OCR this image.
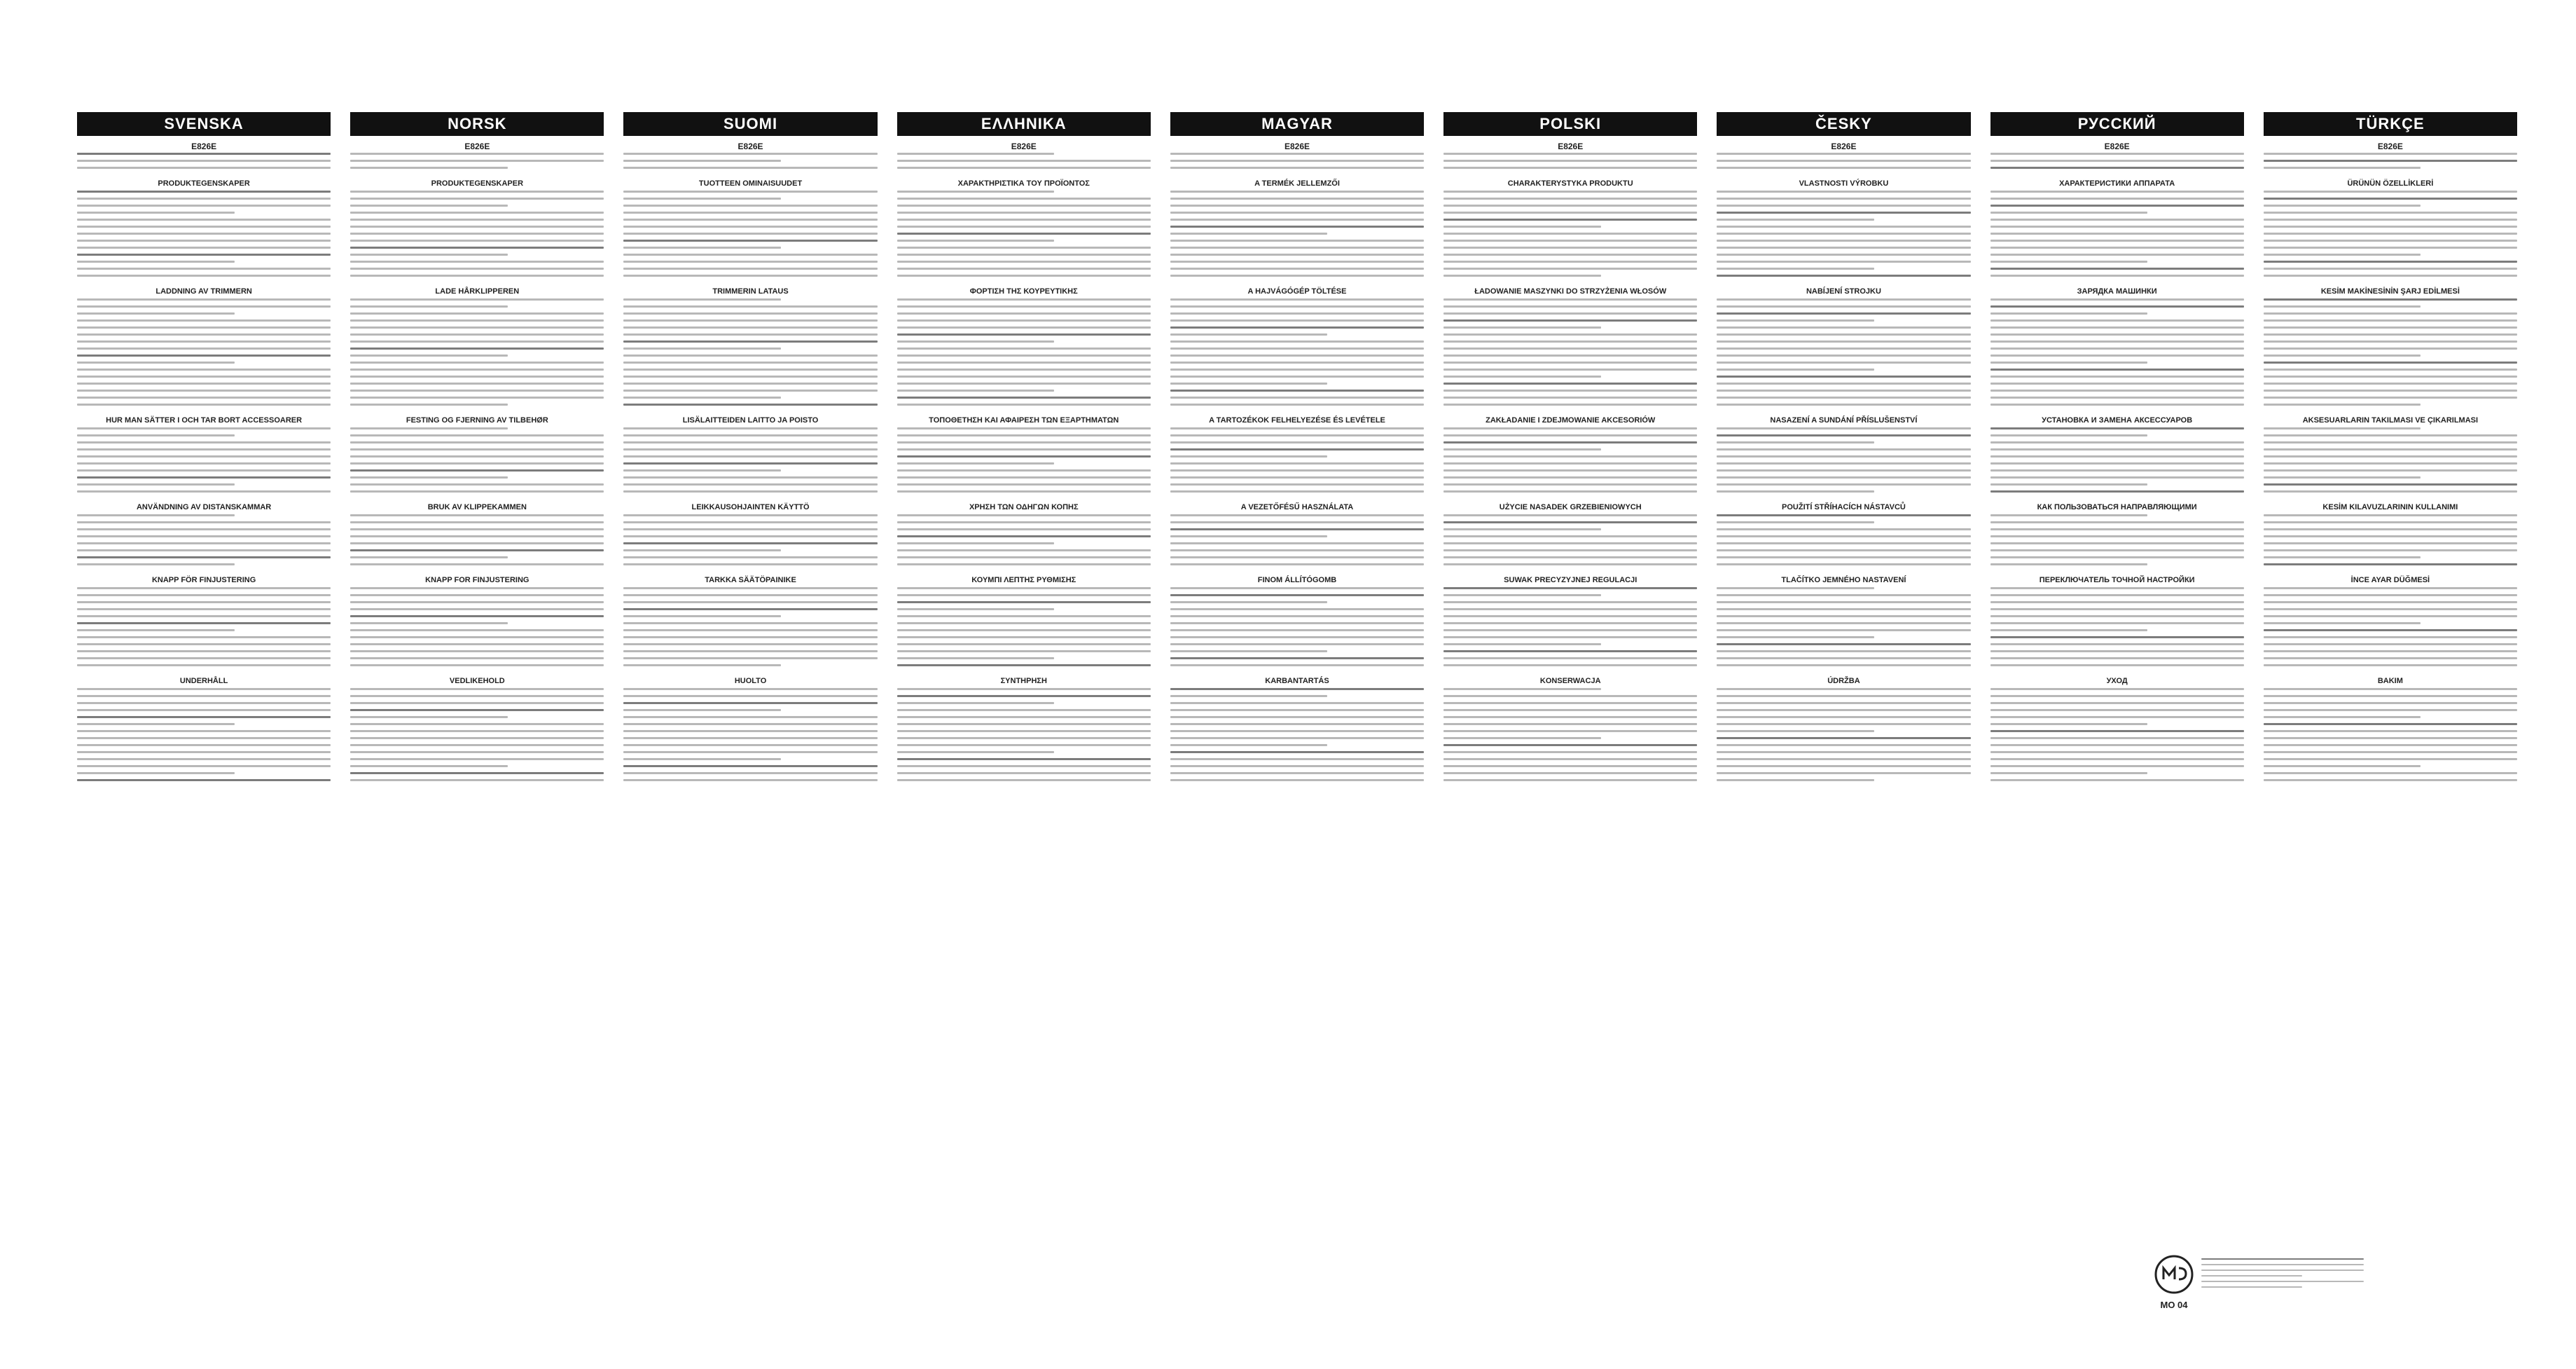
SVENSKA
E826E
PRODUKTEGENSKAPER
LADDNING AV TRIMMERN
HUR MAN SÄTTER I OCH TAR BORT ACCESSOARER
ANVÄNDNING AV DISTANSKAMMAR
KNAPP FÖR FINJUSTERING
UNDERHÅLL
NORSK
E826E
PRODUKTEGENSKAPER
LADE HÅRKLIPPEREN
FESTING OG FJERNING AV TILBEHØR
BRUK AV KLIPPEKAMMEN
KNAPP FOR FINJUSTERING
VEDLIKEHOLD
SUOMI
E826E
TUOTTEEN OMINAISUUDET
TRIMMERIN LATAUS
LISÄLAITTEIDEN LAITTO JA POISTO
LEIKKAUSOHJAINTEN KÄYTTÖ
TARKKA SÄÄTÖPAINIKE
HUOLTO
ΕΛΛΗΝΙΚΑ
E826E
ΧΑΡΑΚΤΗΡΙΣΤΙΚΑ ΤΟΥ ΠΡΟΪΟΝΤΟΣ
ΦΟΡΤΙΣΗ ΤΗΣ ΚΟΥΡΕΥΤΙΚΗΣ
ΤΟΠΟΘΕΤΗΣΗ ΚΑΙ ΑΦΑΙΡΕΣΗ ΤΩΝ ΕΞΑΡΤΗΜΑΤΩΝ
ΧΡΗΣΗ ΤΩΝ ΟΔΗΓΩΝ ΚΟΠΗΣ
ΚΟΥΜΠΙ ΛΕΠΤΗΣ ΡΥΘΜΙΣΗΣ
ΣΥΝΤΗΡΗΣΗ
MAGYAR
E826E
A TERMÉK JELLEMZŐI
A HAJVÁGÓGÉP TÖLTÉSE
A TARTOZÉKOK FELHELYEZÉSE ÉS LEVÉTELE
A VEZETŐFÉSŰ HASZNÁLATA
FINOM ÁLLÍTÓGOMB
KARBANTARTÁS
POLSKI
E826E
CHARAKTERYSTYKA PRODUKTU
ŁADOWANIE MASZYNKI DO STRZYŻENIA WŁOSÓW
ZAKŁADANIE I ZDEJMOWANIE AKCESORIÓW
UŻYCIE NASADEK GRZEBIENIOWYCH
SUWAK PRECYZYJNEJ REGULACJI
KONSERWACJA
ČESKY
E826E
VLASTNOSTI VÝROBKU
NABÍJENÍ STROJKU
NASAZENÍ A SUNDÁNÍ PŘÍSLUŠENSTVÍ
POUŽITÍ STŘÍHACÍCH NÁSTAVCŮ
TLAČÍTKO JEMNÉHO NASTAVENÍ
ÚDRŽBA
РУССКИЙ
E826E
ХАРАКТЕРИСТИКИ АППАРАТА
ЗАРЯДКА МАШИНКИ
УСТАНОВКА И ЗАМЕНА АКСЕССУАРОВ
КАК ПОЛЬЗОВАТЬСЯ НАПРАВЛЯЮЩИМИ
ПЕРЕКЛЮЧАТЕЛЬ ТОЧНОЙ НАСТРОЙКИ
УХОД
TÜRKÇE
E826E
ÜRÜNÜN ÖZELLİKLERİ
KESİM MAKİNESİNİN ŞARJ EDİLMESİ
AKSESUARLARIN TAKILMASI VE ÇIKARILMASI
KESİM KILAVUZLARININ KULLANIMI
İNCE AYAR DÜĞMESİ
BAKIM
МО 04
